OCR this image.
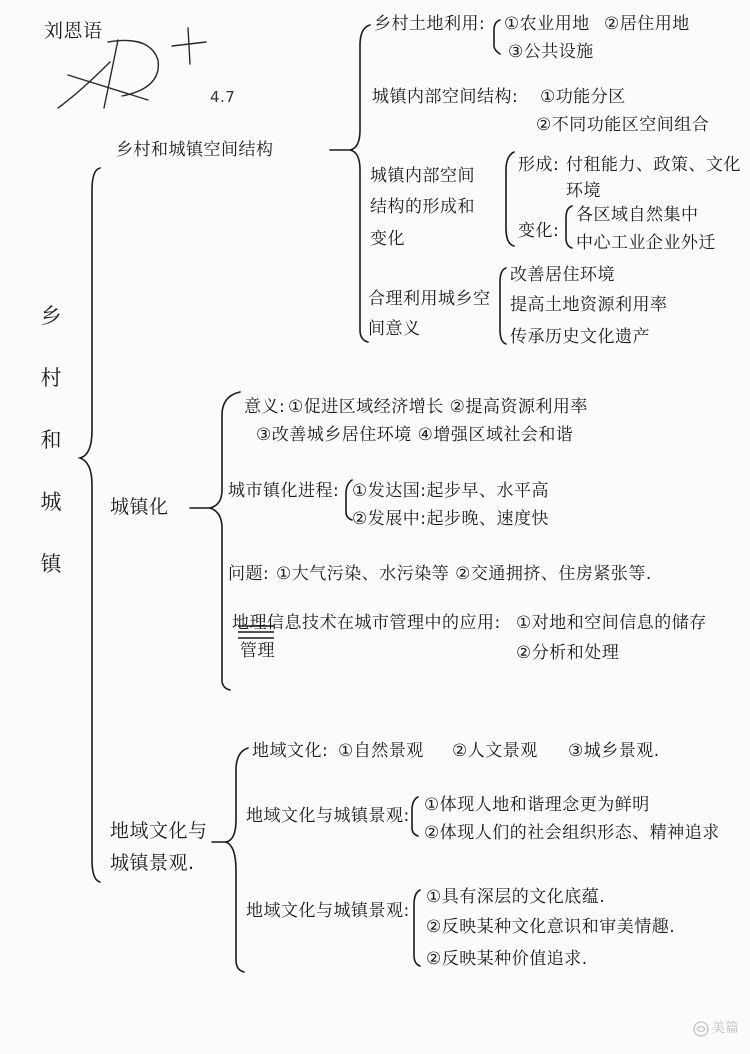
刘恩语
4.7
乡
村
和
城
镇
乡村和城镇空间结构
乡村土地利用: ①农业用地 ②居住用地
③公共设施
城镇内部空间结构: ①功能分区
②不同功能区空间组合
城镇内部空间
结构的形成和
变化
形成: 付租能力、政策、文化
环境
变化:
各区域自然集中
中心工业企业外迁
合理利用城乡空
间意义
改善居住环境
提高土地资源利用率
传承历史文化遗产
城镇化
意义: ①促进区域经济增长 ②提高资源利用率
③改善城乡居住环境 ④增强区域社会和谐
城市镇化进程: ①发达国:起步早、水平高
②发展中:起步晚、速度快
问题: ①大气污染、水污染等 ②交通拥挤、住房紧张等.
地理信息技术在城市管理中的应用: ①对地和空间信息的储存
管理	②分析和处理
地域文化与
城镇景观.
地域文化: ①自然景观 ②人文景观 ③城乡景观.
地域文化与城镇景观:
①体现人地和谐理念更为鲜明
②体现人们的社会组织形态、精神追求
地域文化与城镇景观:
①具有深层的文化底蕴.
②反映某种文化意识和审美情趣.
②反映某种价值追求.
美篇
